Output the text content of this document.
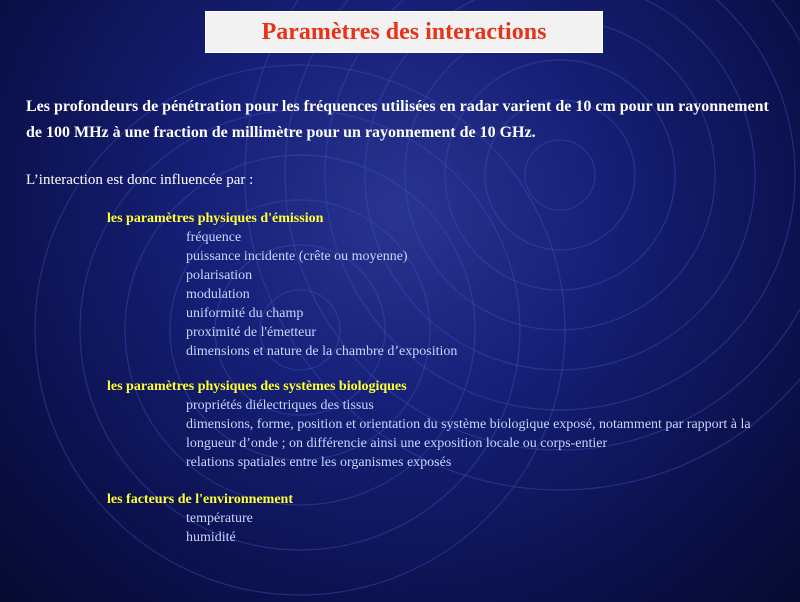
Paramètres des interactions

Les profondeurs de pénétration pour les fréquences utilisées en radar varient de 10 cm pour un rayonnement de 100 MHz à une fraction de millimètre pour un rayonnement de 10 GHz.

L’interaction est donc influencée par :

les paramètres physiques d'émission
fréquence
puissance incidente (crête ou moyenne)
polarisation
modulation
uniformité du champ
proximité de l'émetteur
dimensions et nature de la chambre d’exposition
les paramètres physiques des systèmes biologiques
propriétés diélectriques des tissus
dimensions, forme, position et orientation du système biologique exposé, notamment par rapport à la longueur d’onde ; on différencie ainsi une exposition locale ou corps-entier
relations spatiales entre les organismes exposés
les facteurs de l'environnement
température
humidité
